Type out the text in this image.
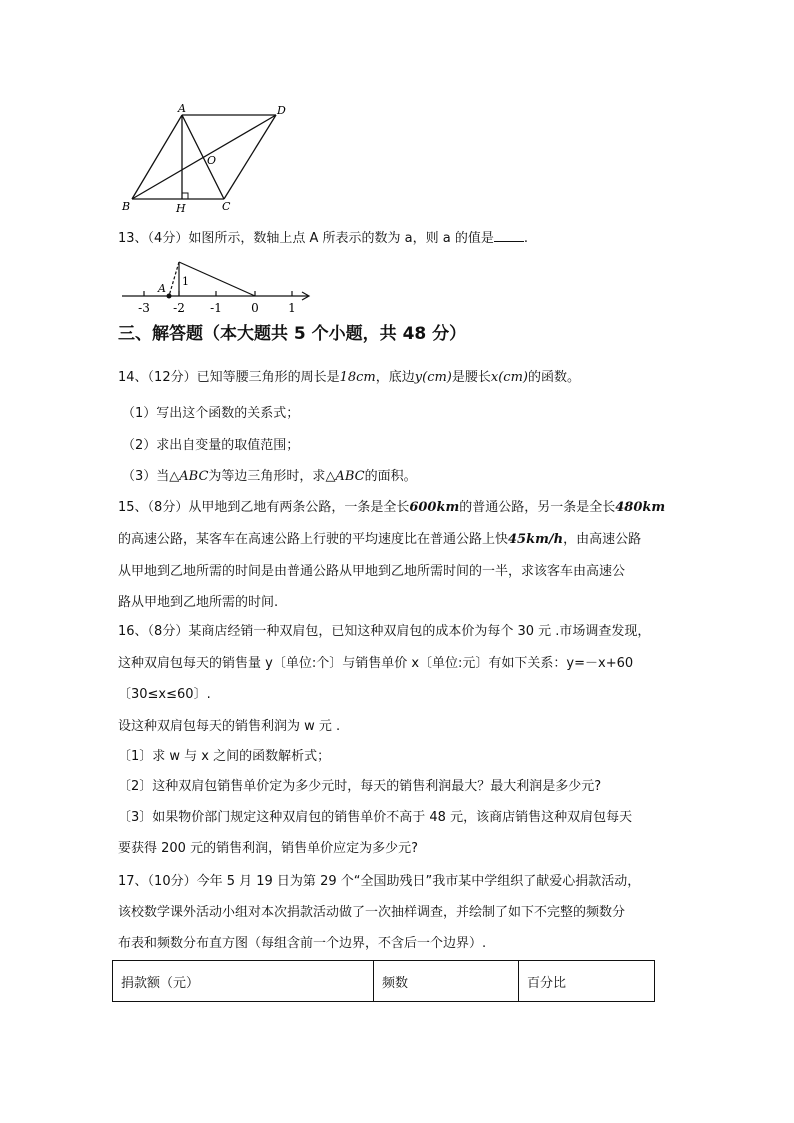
A	D
B	C
H
O
13、（4分）如图所示，数轴上点 A 所表示的数为 a，则 a 的值是 .
A
1
-3 -2 -1 0 1
三、解答题（本大题共 5 个小题，共 48 分）
14、（12分）已知等腰三角形的周长是18cm，底边y(cm)是腰长x(cm)的函数。
（1）写出这个函数的关系式；
（2）求出自变量的取值范围；
（3）当△ABC为等边三角形时，求△ABC的面积。
15、（8分）从甲地到乙地有两条公路，一条是全长600km的普通公路，另一条是全长480km
的高速公路，某客车在高速公路上行驶的平均速度比在普通公路上快45km/h，由高速公路
从甲地到乙地所需的时间是由普通公路从甲地到乙地所需时间的一半，求该客车由高速公
路从甲地到乙地所需的时间.
16、（8分）某商店经销一种双肩包，已知这种双肩包的成本价为每个 30 元 .市场调查发现，
这种双肩包每天的销售量 y〔单位:个〕与销售单价 x〔单位:元〕有如下关系：y=－x+60
〔30≤x≤60〕.
设这种双肩包每天的销售利润为 w 元 .
〔1〕求 w 与 x 之间的函数解析式；
〔2〕这种双肩包销售单价定为多少元时，每天的销售利润最大？最大利润是多少元?
〔3〕如果物价部门规定这种双肩包的销售单价不高于 48 元，该商店销售这种双肩包每天
要获得 200 元的销售利润，销售单价应定为多少元?
17、（10分）今年 5 月 19 日为第 29 个“全国助残日”我市某中学组织了献爱心捐款活动，
该校数学课外活动小组对本次捐款活动做了一次抽样调查，并绘制了如下不完整的频数分
布表和频数分布直方图（每组含前一个边界，不含后一个边界）.
捐款额（元）	频数	百分比
